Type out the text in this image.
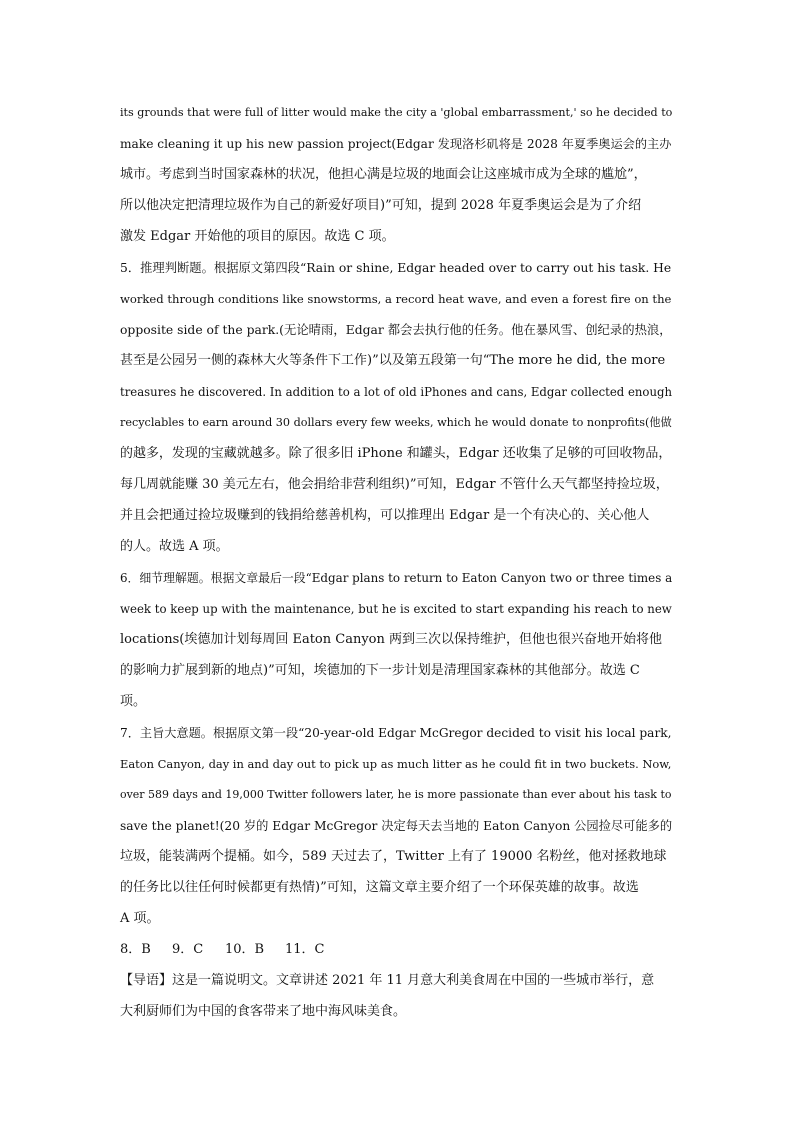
its grounds that were full of litter would make the city a 'global embarrassment,' so he decided to
make cleaning it up his new passion project(Edgar 发现洛杉矶将是 2028 年夏季奥运会的主办
城市。考虑到当时国家森林的状况，他担心满是垃圾的地面会让这座城市成为全球的尴尬”，
所以他决定把清理垃圾作为自己的新爱好项目)”可知，提到 2028 年夏季奥运会是为了介绍
激发 Edgar 开始他的项目的原因。故选 C 项。
5．推理判断题。根据原文第四段“Rain or shine, Edgar headed over to carry out his task. He
worked through conditions like snowstorms, a record heat wave, and even a forest fire on the
opposite side of the park.(无论晴雨，Edgar 都会去执行他的任务。他在暴风雪、创纪录的热浪，
甚至是公园另一侧的森林大火等条件下工作)”以及第五段第一句“The more he did, the more
treasures he discovered. In addition to a lot of old iPhones and cans, Edgar collected enough
recyclables to earn around 30 dollars every few weeks, which he would donate to nonprofits(他做
的越多，发现的宝藏就越多。除了很多旧 iPhone 和罐头，Edgar 还收集了足够的可回收物品，
每几周就能赚 30 美元左右，他会捐给非营利组织)”可知，Edgar 不管什么天气都坚持捡垃圾，
并且会把通过捡垃圾赚到的钱捐给慈善机构，可以推理出 Edgar 是一个有决心的、关心他人
的人。故选 A 项。
6．细节理解题。根据文章最后一段“Edgar plans to return to Eaton Canyon two or three times a
week to keep up with the maintenance, but he is excited to start expanding his reach to new
locations(埃德加计划每周回 Eaton Canyon 两到三次以保持维护，但他也很兴奋地开始将他
的影响力扩展到新的地点)”可知，埃德加的下一步计划是清理国家森林的其他部分。故选 C
项。
7．主旨大意题。根据原文第一段“20-year-old Edgar McGregor decided to visit his local park,
Eaton Canyon, day in and day out to pick up as much litter as he could fit in two buckets. Now,
over 589 days and 19,000 Twitter followers later, he is more passionate than ever about his task to
save the planet!(20 岁的 Edgar McGregor 决定每天去当地的 Eaton Canyon 公园捡尽可能多的
垃圾，能装满两个提桶。如今，589 天过去了，Twitter 上有了 19000 名粉丝，他对拯救地球
的任务比以往任何时候都更有热情)”可知，这篇文章主要介绍了一个环保英雄的故事。故选
A 项。
8．B 9．C 10．B 11．C
【导语】这是一篇说明文。文章讲述 2021 年 11 月意大利美食周在中国的一些城市举行，意
大利厨师们为中国的食客带来了地中海风味美食。
